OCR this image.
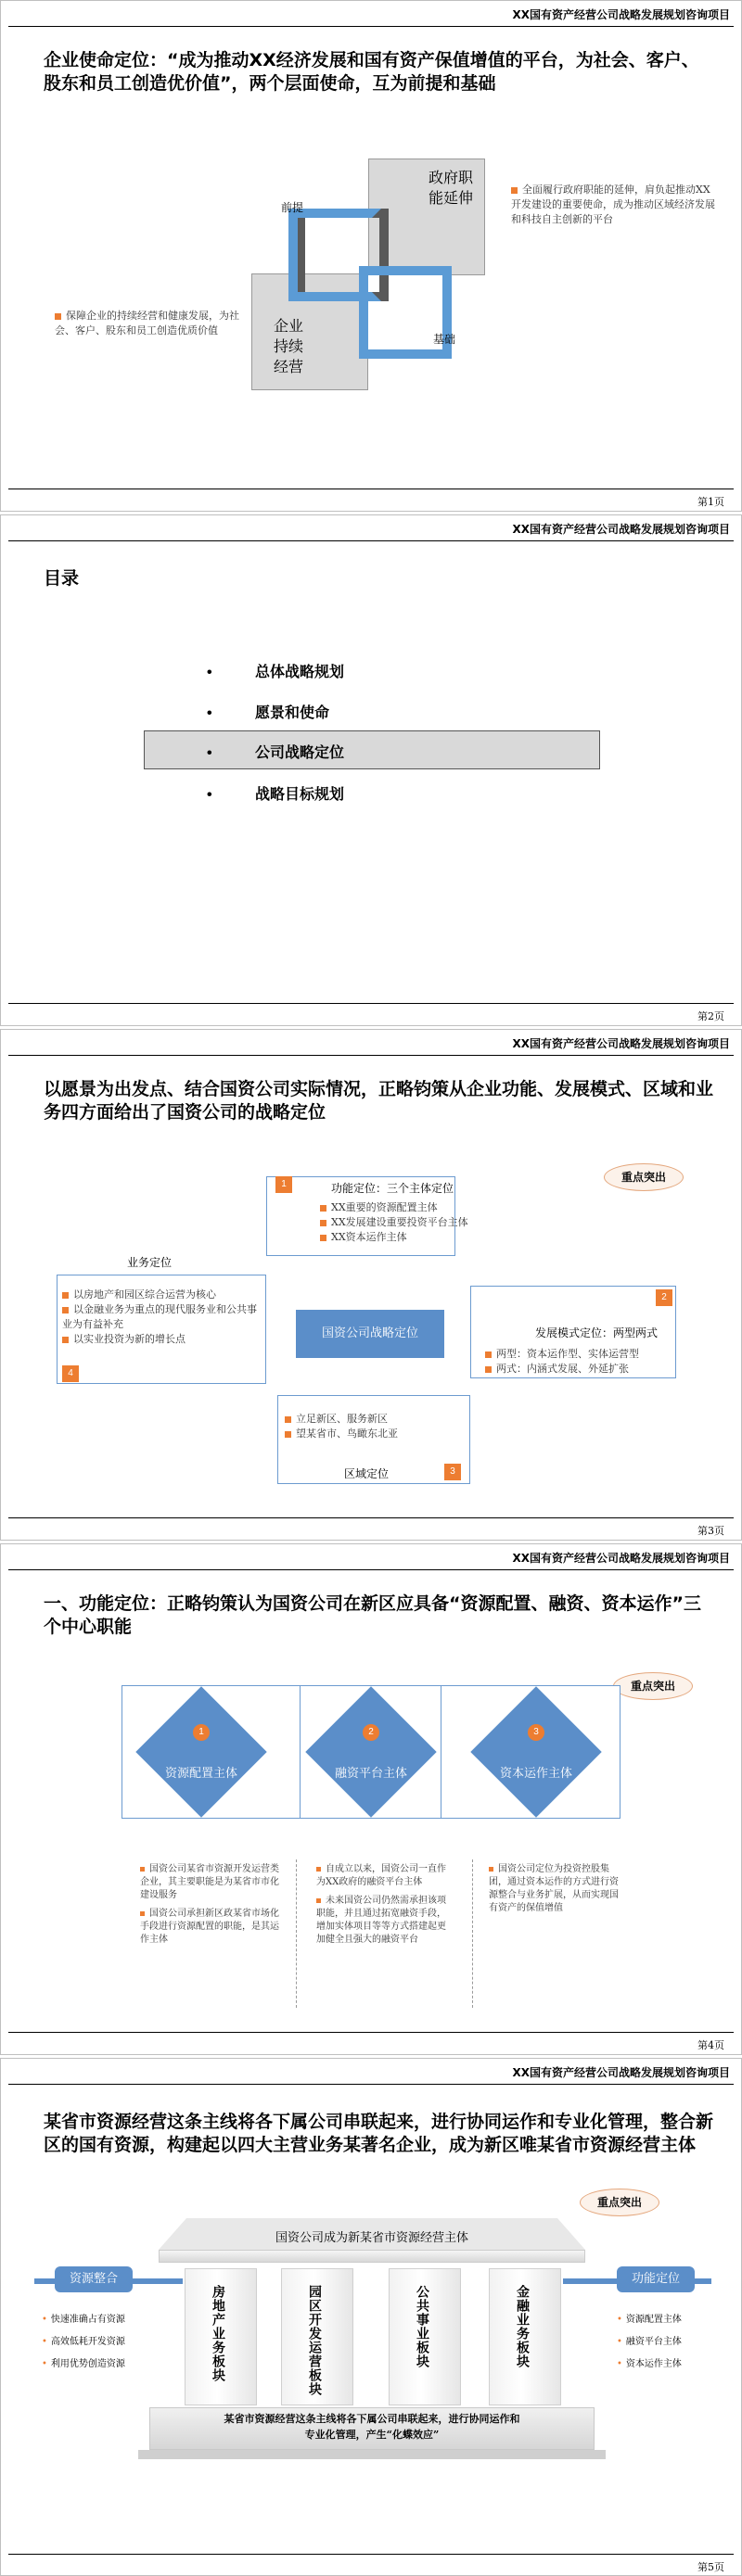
XX国有资产经营公司战略发展规划咨询项目
企业使命定位：“成为推动XX经济发展和国有资产保值增值的平台，为社会、客户、股东和员工创造优价值”，两个层面使命，互为前提和基础
政府职能延伸
企业持续经营
前提
基础
全面履行政府职能的延伸，肩负起推动XX开发建设的重要使命，成为推动区域经济发展和科技自主创新的平台
保障企业的持续经营和健康发展，为社会、客户、股东和员工创造优质价值
第1页
XX国有资产经营公司战略发展规划咨询项目
目录
•	总体战略规划
•	愿景和使命
•	公司战略定位
•	战略目标规划
第2页
XX国有资产经营公司战略发展规划咨询项目
以愿景为出发点、结合国资公司实际情况，正略钧策从企业功能、发展模式、区域和业务四方面给出了国资公司的战略定位
重点突出
国资公司战略定位
1	功能定位：三个主体定位
XX重要的资源配置主体
XX发展建设重要投资平台主体
XX资本运作主体
2
发展模式定位：两型两式
两型：资本运作型、实体运营型
两式：内涵式发展、外延扩张
立足新区、服务新区
望某省市、鸟瞰东北亚
区域定位	3
业务定位
以房地产和园区综合运营为核心
以金融业务为重点的现代服务业和公共事业为有益补充
以实业投资为新的增长点
4
第3页
XX国有资产经营公司战略发展规划咨询项目
一、功能定位：正略钧策认为国资公司在新区应具备“资源配置、融资、资本运作”三个中心职能
重点突出
1	2	3
资源配置主体	融资平台主体	资本运作主体
国资公司某省市资源开发运营类企业，其主要职能是为某省市市化建设服务
国资公司承担新区政某省市场化手段进行资源配置的职能，是其运作主体
自成立以来，国资公司一直作为XX政府的融资平台主体
未来国资公司仍然需承担该项职能，并且通过拓宽融资手段，增加实体项目等等方式搭建起更加健全且强大的融资平台
国资公司定位为投资控股集团，通过资本运作的方式进行资源整合与业务扩展，从而实现国有资产的保值增值
第4页
XX国有资产经营公司战略发展规划咨询项目
某省市资源经营这条主线将各下属公司串联起来，进行协同运作和专业化管理，整合新区的国有资源，构建起以四大主营业务某著名企业，成为新区唯某省市资源经营主体
重点突出
国资公司成为新某省市资源经营主体
房地产业务板块	园区开发运营板块	公共事业板块	金融业务板块
某省市资源经营这条主线将各下属公司串联起来，进行协同运作和专业化管理，产生“化蝶效应”
资源整合
• 快速准确占有资源
• 高效低耗开发资源
• 利用优势创造资源
功能定位
• 资源配置主体
• 融资平台主体
• 资本运作主体
第5页
